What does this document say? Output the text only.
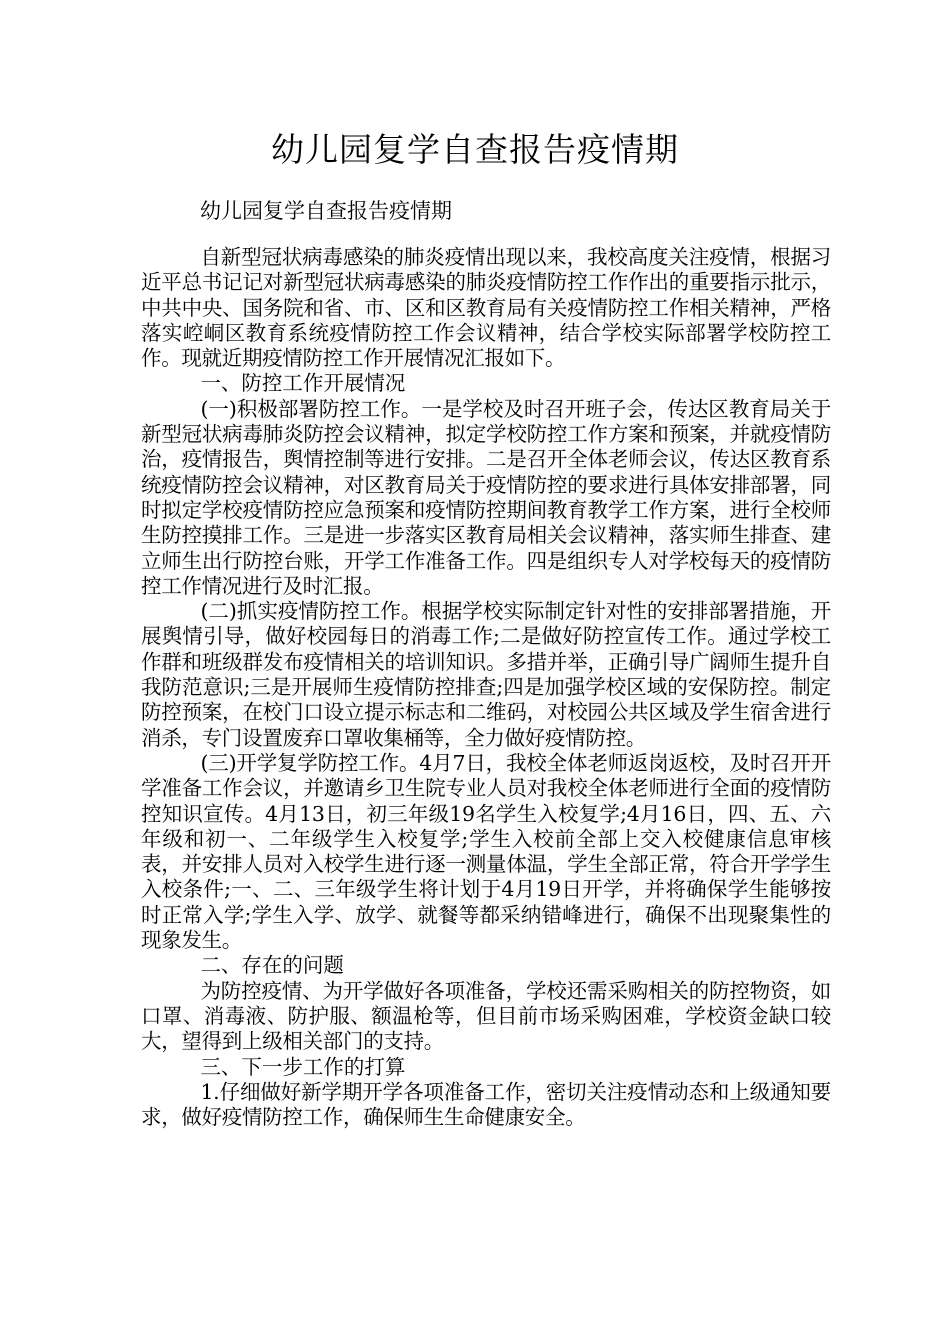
幼儿园复学自查报告疫情期

幼儿园复学自查报告疫情期

自新型冠状病毒感染的肺炎疫情出现以来，我校高度关注疫情，根据习近平总书记记对新型冠状病毒感染的肺炎疫情防控工作作出的重要指示批示，中共中央、国务院和省、市、区和区教育局有关疫情防控工作相关精神，严格落实崆峒区教育系统疫情防控工作会议精神，结合学校实际部署学校防控工作。现就近期疫情防控工作开展情况汇报如下。

一、防控工作开展情况

(一)积极部署防控工作。一是学校及时召开班子会，传达区教育局关于新型冠状病毒肺炎防控会议精神，拟定学校防控工作方案和预案，并就疫情防治，疫情报告，舆情控制等进行安排。二是召开全体老师会议，传达区教育系统疫情防控会议精神，对区教育局关于疫情防控的要求进行具体安排部署，同时拟定学校疫情防控应急预案和疫情防控期间教育教学工作方案，进行全校师生防控摸排工作。三是进一步落实区教育局相关会议精神，落实师生排查、建立师生出行防控台账，开学工作准备工作。四是组织专人对学校每天的疫情防控工作情况进行及时汇报。

(二)抓实疫情防控工作。根据学校实际制定针对性的安排部署措施，开展舆情引导，做好校园每日的消毒工作;二是做好防控宣传工作。通过学校工作群和班级群发布疫情相关的培训知识。多措并举，正确引导广阔师生提升自我防范意识;三是开展师生疫情防控排查;四是加强学校区域的安保防控。制定防控预案，在校门口设立提示标志和二维码，对校园公共区域及学生宿舍进行消杀，专门设置废弃口罩收集桶等，全力做好疫情防控。

(三)开学复学防控工作。4月7日，我校全体老师返岗返校，及时召开开学准备工作会议，并邀请乡卫生院专业人员对我校全体老师进行全面的疫情防控知识宣传。4月13日，初三年级19名学生入校复学;4月16日，四、五、六年级和初一、二年级学生入校复学;学生入校前全部上交入校健康信息审核表，并安排人员对入校学生进行逐一测量体温，学生全部正常，符合开学学生入校条件;一、二、三年级学生将计划于4月19日开学，并将确保学生能够按时正常入学;学生入学、放学、就餐等都采纳错峰进行，确保不出现聚集性的现象发生。

二、存在的问题

为防控疫情、为开学做好各项准备，学校还需采购相关的防控物资，如口罩、消毒液、防护服、额温枪等，但目前市场采购困难，学校资金缺口较大，望得到上级相关部门的支持。

三、下一步工作的打算

1.仔细做好新学期开学各项准备工作，密切关注疫情动态和上级通知要求，做好疫情防控工作，确保师生生命健康安全。
